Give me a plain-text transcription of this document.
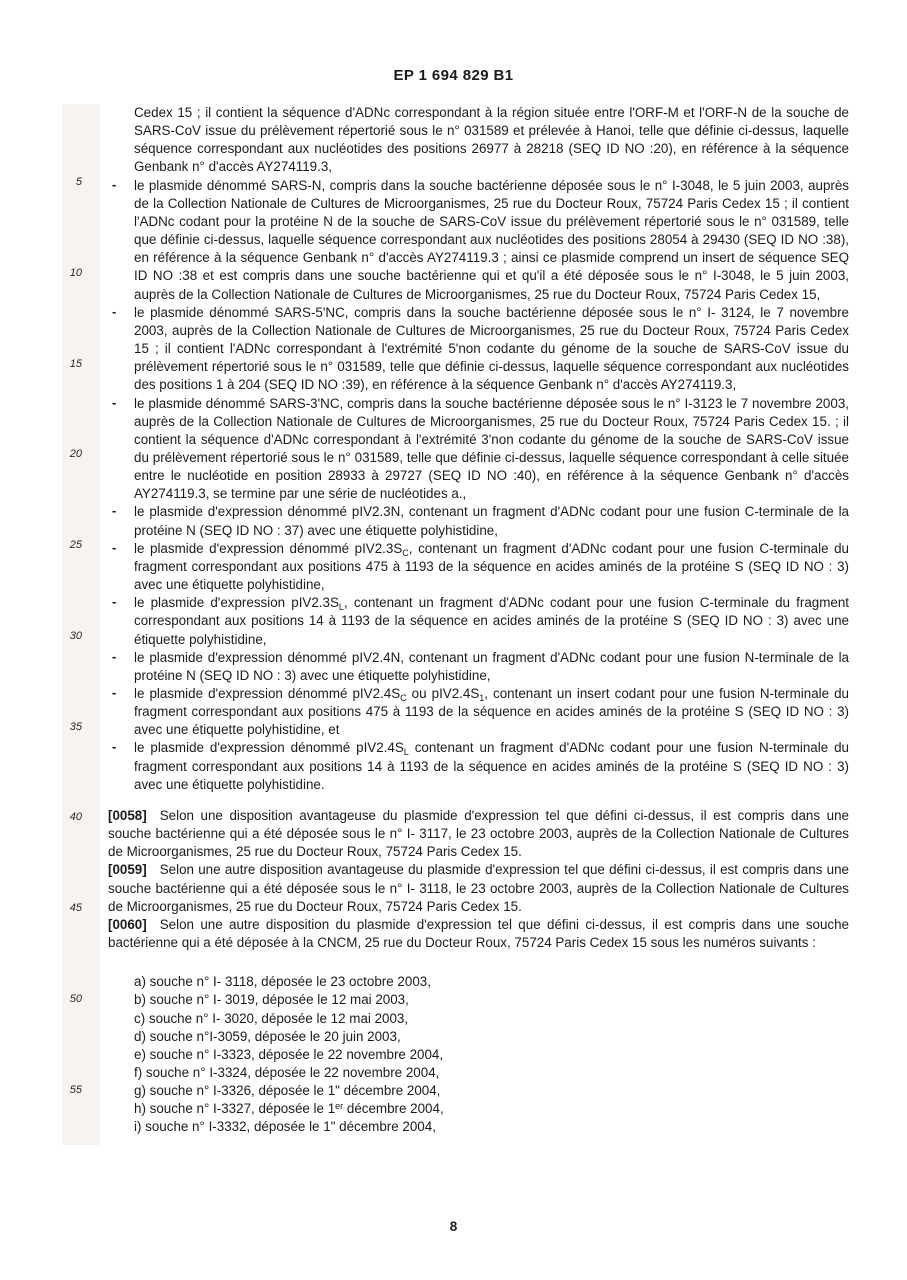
EP 1 694 829 B1
5
10
15
20
25
30
35
40
45
50
55
Cedex 15 ; il contient la séquence d'ADNc correspondant à la région située entre l'ORF-M et l'ORF-N de la souche de SARS-CoV issue du prélèvement répertorié sous le n° 031589 et prélevée à Hanoi, telle que définie ci-dessus, laquelle séquence correspondant aux nucléotides des positions 26977 à 28218 (SEQ ID NO :20), en référence à la séquence Genbank n° d'accès AY274119.3,
- le plasmide dénommé SARS-N, compris dans la souche bactérienne déposée sous le n° I-3048, le 5 juin 2003, auprès de la Collection Nationale de Cultures de Microorganismes, 25 rue du Docteur Roux, 75724 Paris Cedex 15 ; il contient l'ADNc codant pour la protéine N de la souche de SARS-CoV issue du prélèvement répertorié sous le n° 031589, telle que définie ci-dessus, laquelle séquence correspondant aux nucléotides des positions 28054 à 29430 (SEQ ID NO :38), en référence à la séquence Genbank n° d'accès AY274119.3 ; ainsi ce plasmide comprend un insert de séquence SEQ ID NO :38 et est compris dans une souche bactérienne qui et qu'il a été déposée sous le n° I-3048, le 5 juin 2003, auprès de la Collection Nationale de Cultures de Microorganismes, 25 rue du Docteur Roux, 75724 Paris Cedex 15,
- le plasmide dénommé SARS-5'NC, compris dans la souche bactérienne déposée sous le n° I- 3124, le 7 novembre 2003, auprès de la Collection Nationale de Cultures de Microorganismes, 25 rue du Docteur Roux, 75724 Paris Cedex 15 ; il contient l'ADNc correspondant à l'extrémité 5'non codante du génome de la souche de SARS-CoV issue du prélèvement répertorié sous le n° 031589, telle que définie ci-dessus, laquelle séquence correspondant aux nucléotides des positions 1 à 204 (SEQ ID NO :39), en référence à la séquence Genbank n° d'accès AY274119.3,
- le plasmide dénommé SARS-3'NC, compris dans la souche bactérienne déposée sous le n° I-3123 le 7 novembre 2003, auprès de la Collection Nationale de Cultures de Microorganismes, 25 rue du Docteur Roux, 75724 Paris Cedex 15. ; il contient la séquence d'ADNc correspondant à l'extrémité 3'non codante du génome de la souche de SARS-CoV issue du prélèvement répertorié sous le n° 031589, telle que définie ci-dessus, laquelle séquence correspondant à celle située entre le nucléotide en position 28933 à 29727 (SEQ ID NO :40), en référence à la séquence Genbank n° d'accès AY274119.3, se termine par une série de nucléotides a.,
- le plasmide d'expression dénommé pIV2.3N, contenant un fragment d'ADNc codant pour une fusion C-terminale de la protéine N (SEQ ID NO : 37) avec une étiquette polyhistidine,
- le plasmide d'expression dénommé $pIV2.3S_C$, contenant un fragment d'ADNc codant pour une fusion C-terminale du fragment correspondant aux positions 475 à 1193 de la séquence en acides aminés de la protéine S (SEQ ID NO : 3) avec une étiquette polyhistidine,
- le plasmide d'expression $pIV2.3S_L$, contenant un fragment d'ADNc codant pour une fusion C-terminale du fragment correspondant aux positions 14 à 1193 de la séquence en acides aminés de la protéine S (SEQ ID NO : 3) avec une étiquette polyhistidine,
- le plasmide d'expression dénommé pIV2.4N, contenant un fragment d'ADNc codant pour une fusion N-terminale de la protéine N (SEQ ID NO : 3) avec une étiquette polyhistidine,
- le plasmide d'expression dénommé $pIV2.4S_C$ ou $pIV2.4S_1$, contenant un insert codant pour une fusion N-terminale du fragment correspondant aux positions 475 à 1193 de la séquence en acides aminés de la protéine S (SEQ ID NO : 3) avec une étiquette polyhistidine, et
- le plasmide d'expression dénommé $pIV2.4S_L$ contenant un fragment d'ADNc codant pour une fusion N-terminale du fragment correspondant aux positions 14 à 1193 de la séquence en acides aminés de la protéine S (SEQ ID NO : 3) avec une étiquette polyhistidine.
[0058] Selon une disposition avantageuse du plasmide d'expression tel que défini ci-dessus, il est compris dans une souche bactérienne qui a été déposée sous le n° I- 3117, le 23 octobre 2003, auprès de la Collection Nationale de Cultures de Microorganismes, 25 rue du Docteur Roux, 75724 Paris Cedex 15.
[0059] Selon une autre disposition avantageuse du plasmide d'expression tel que défini ci-dessus, il est compris dans une souche bactérienne qui a été déposée sous le n° I- 3118, le 23 octobre 2003, auprès de la Collection Nationale de Cultures de Microorganismes, 25 rue du Docteur Roux, 75724 Paris Cedex 15.
[0060] Selon une autre disposition du plasmide d'expression tel que défini ci-dessus, il est compris dans une souche bactérienne qui a été déposée à la CNCM, 25 rue du Docteur Roux, 75724 Paris Cedex 15 sous les numéros suivants :
a) souche n° I- 3118, déposée le 23 octobre 2003,
b) souche n° I- 3019, déposée le 12 mai 2003,
c) souche n° I- 3020, déposée le 12 mai 2003,
d) souche n°I-3059, déposée le 20 juin 2003,
e) souche n° I-3323, déposée le 22 novembre 2004,
f) souche n° I-3324, déposée le 22 novembre 2004,
g) souche n° I-3326, déposée le 1" décembre 2004,
h) souche n° I-3327, déposée le 1er décembre 2004,
i) souche n° I-3332, déposée le 1" décembre 2004,
8
